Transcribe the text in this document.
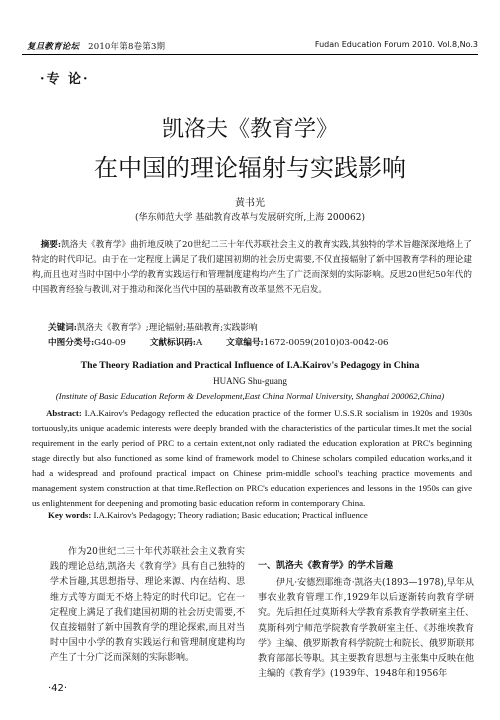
复旦教育论坛 2010年第8卷第3期	Fudan Education Forum 2010. Vol.8,No.3
·专 论·
凯洛夫《教育学》
在中国的理论辐射与实践影响
黄书光
(华东师范大学 基础教育改革与发展研究所,上海 200062)
摘要:凯洛夫《教育学》曲折地反映了20世纪二三十年代苏联社会主义的教育实践,其独特的学术旨趣深深地烙上了特定的时代印记。由于在一定程度上满足了我们建国初期的社会历史需要,不仅直接辐射了新中国教育学科的理论建构,而且也对当时中国中小学的教育实践运行和管理制度建构均产生了广泛而深刻的实际影响。反思20世纪50年代的中国教育经验与教训,对于推动和深化当代中国的基础教育改革显然不无启发。
关键词:凯洛夫《教育学》;理论辐射;基础教育;实践影响
中图分类号:G40-09	文献标识码:A	文章编号:1672-0059(2010)03-0042-06
The Theory Radiation and Practical Influence of I.A.Kairov's Pedagogy in China
HUANG Shu-guang
(Institute of Basic Education Reform & Development,East China Normal University, Shanghai 200062,China)
Abstract: I.A.Kairov's Pedagogy reflected the education practice of the former U.S.S.R socialism in 1920s and 1930s tortuously,its unique academic interests were deeply branded with the characteristics of the particular times.It met the social requirement in the early period of PRC to a certain extent,not only radiated the education exploration at PRC's beginning stage directly but also functioned as some kind of framework model to Chinese scholars compiled education works,and it had a widespread and profound practical impact on Chinese prim-middle school's teaching practice movements and management system construction at that time.Reflection on PRC's education experiences and lessons in the 1950s can give us enlightenment for deepening and promoting basic education reform in contemporary China.
Key words: I.A.Kairov's Pedagogy; Theory radiation; Basic education; Practical influence
作为20世纪二三十年代苏联社会主义教育实践的理论总结,凯洛夫《教育学》具有自己独特的学术旨趣,其思想指导、理论来源、内在结构、思维方式等方面无不烙上特定的时代印记。它在一定程度上满足了我们建国初期的社会历史需要,不仅直接辐射了新中国教育学的理论探索,而且对当时中国中小学的教育实践运行和管理制度建构均产生了十分广泛而深刻的实际影响。
一、凯洛夫《教育学》的学术旨趣
伊凡·安德烈耶维奇·凯洛夫(1893—1978),早年从事农业教育管理工作,1929年以后逐渐转向教育学研究。先后担任过莫斯科大学教育系教育学教研室主任、莫斯科列宁师范学院教育学教研室主任、《苏维埃教育学》主编、俄罗斯教育科学院院士和院长、俄罗斯联邦教育部部长等职。其主要教育思想与主张集中反映在他主编的《教育学》(1939年、1948年和1956年
·42·
